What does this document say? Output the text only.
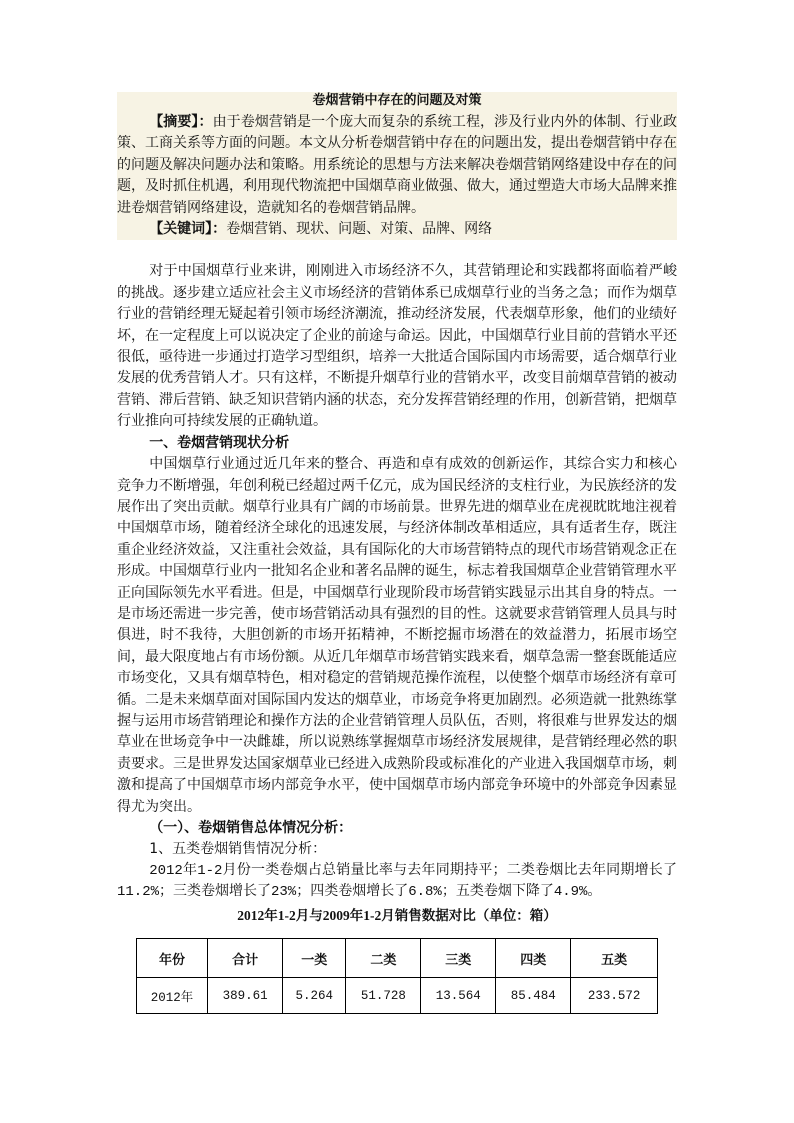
卷烟营销中存在的问题及对策

【摘要】：由于卷烟营销是一个庞大而复杂的系统工程，涉及行业内外的体制、行业政策、工商关系等方面的问题。本文从分析卷烟营销中存在的问题出发，提出卷烟营销中存在的问题及解决问题办法和策略。用系统论的思想与方法来解决卷烟营销网络建设中存在的问题，及时抓住机遇，利用现代物流把中国烟草商业做强、做大，通过塑造大市场大品牌来推进卷烟营销网络建设，造就知名的卷烟营销品牌。

【关键词】：卷烟营销、现状、问题、对策、品牌、网络

对于中国烟草行业来讲，刚刚进入市场经济不久，其营销理论和实践都将面临着严峻的挑战。逐步建立适应社会主义市场经济的营销体系已成烟草行业的当务之急；而作为烟草行业的营销经理无疑起着引领市场经济潮流，推动经济发展，代表烟草形象，他们的业绩好坏，在一定程度上可以说决定了企业的前途与命运。因此，中国烟草行业目前的营销水平还很低，亟待进一步通过打造学习型组织，培养一大批适合国际国内市场需要，适合烟草行业发展的优秀营销人才。只有这样，不断提升烟草行业的营销水平，改变目前烟草营销的被动营销、滞后营销、缺乏知识营销内涵的状态，充分发挥营销经理的作用，创新营销，把烟草行业推向可持续发展的正确轨道。

一、卷烟营销现状分析

中国烟草行业通过近几年来的整合、再造和卓有成效的创新运作，其综合实力和核心竞争力不断增强，年创利税已经超过两千亿元，成为国民经济的支柱行业，为民族经济的发展作出了突出贡献。烟草行业具有广阔的市场前景。世界先进的烟草业在虎视眈眈地注视着中国烟草市场，随着经济全球化的迅速发展，与经济体制改革相适应，具有适者生存，既注重企业经济效益，又注重社会效益，具有国际化的大市场营销特点的现代市场营销观念正在形成。中国烟草行业内一批知名企业和著名品牌的诞生，标志着我国烟草企业营销管理水平正向国际领先水平看进。但是，中国烟草行业现阶段市场营销实践显示出其自身的特点。一是市场还需进一步完善，使市场营销活动具有强烈的目的性。这就要求营销管理人员具与时俱进，时不我待，大胆创新的市场开拓精神，不断挖掘市场潜在的效益潜力，拓展市场空间，最大限度地占有市场份额。从近几年烟草市场营销实践来看，烟草急需一整套既能适应市场变化，又具有烟草特色，相对稳定的营销规范操作流程，以使整个烟草市场经济有章可循。二是未来烟草面对国际国内发达的烟草业，市场竞争将更加剧烈。必须造就一批熟练掌握与运用市场营销理论和操作方法的企业营销管理人员队伍，否则，将很难与世界发达的烟草业在世场竞争中一决雌雄，所以说熟练掌握烟草市场经济发展规律，是营销经理必然的职责要求。三是世界发达国家烟草业已经进入成熟阶段或标准化的产业进入我国烟草市场，刺激和提高了中国烟草市场内部竞争水平，使中国烟草市场内部竞争环境中的外部竞争因素显得尤为突出。

（一）、卷烟销售总体情况分析：

1、五类卷烟销售情况分析：

2012年1-2月份一类卷烟占总销量比率与去年同期持平；二类卷烟比去年同期增长了11.2%；三类卷烟增长了23%；四类卷烟增长了6.8%；五类卷烟下降了4.9%。

2012年1-2月与2009年1-2月销售数据对比（单位：箱）
年份	合计	一类	二类	三类	四类	五类
2012年	389.61	5.264	51.728	13.564	85.484	233.572
